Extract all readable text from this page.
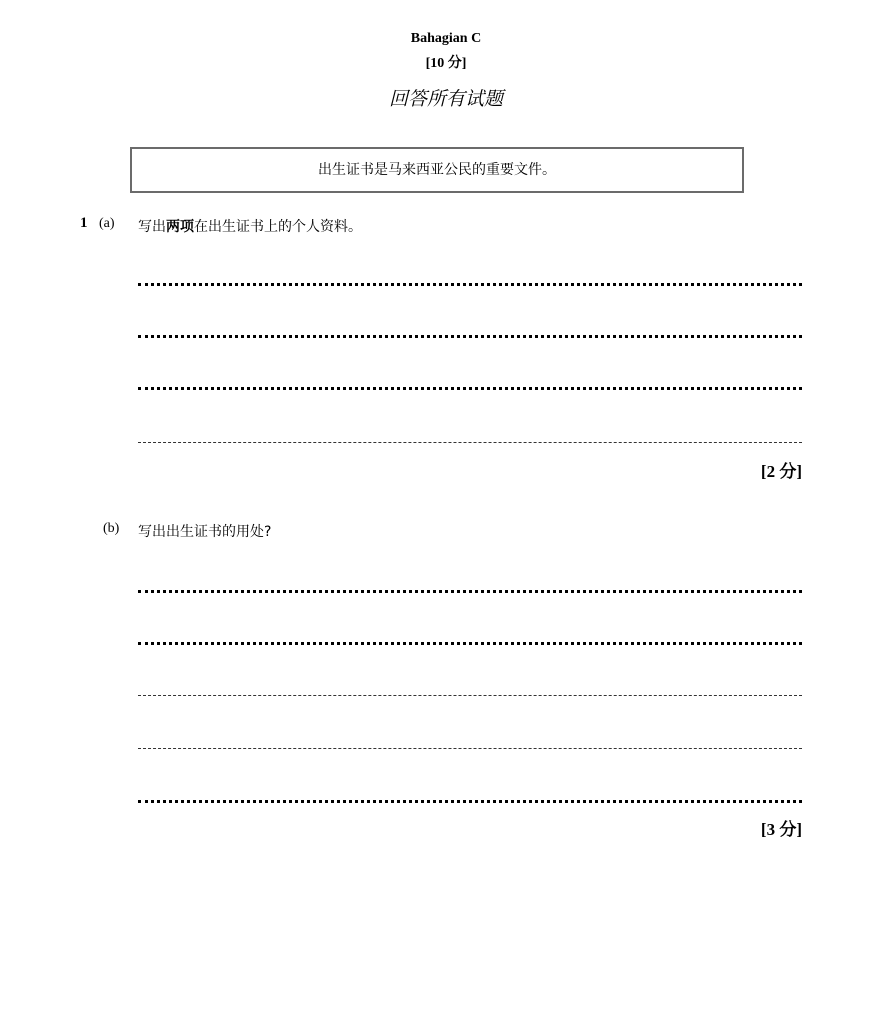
Bahagian C
[10 分]
回答所有试题
出生证书是马来西亚公民的重要文件。
1 (a) 写出两项在出生证书上的个人资料。
[2 分]
(b) 写出出生证书的用处?
[3 分]
